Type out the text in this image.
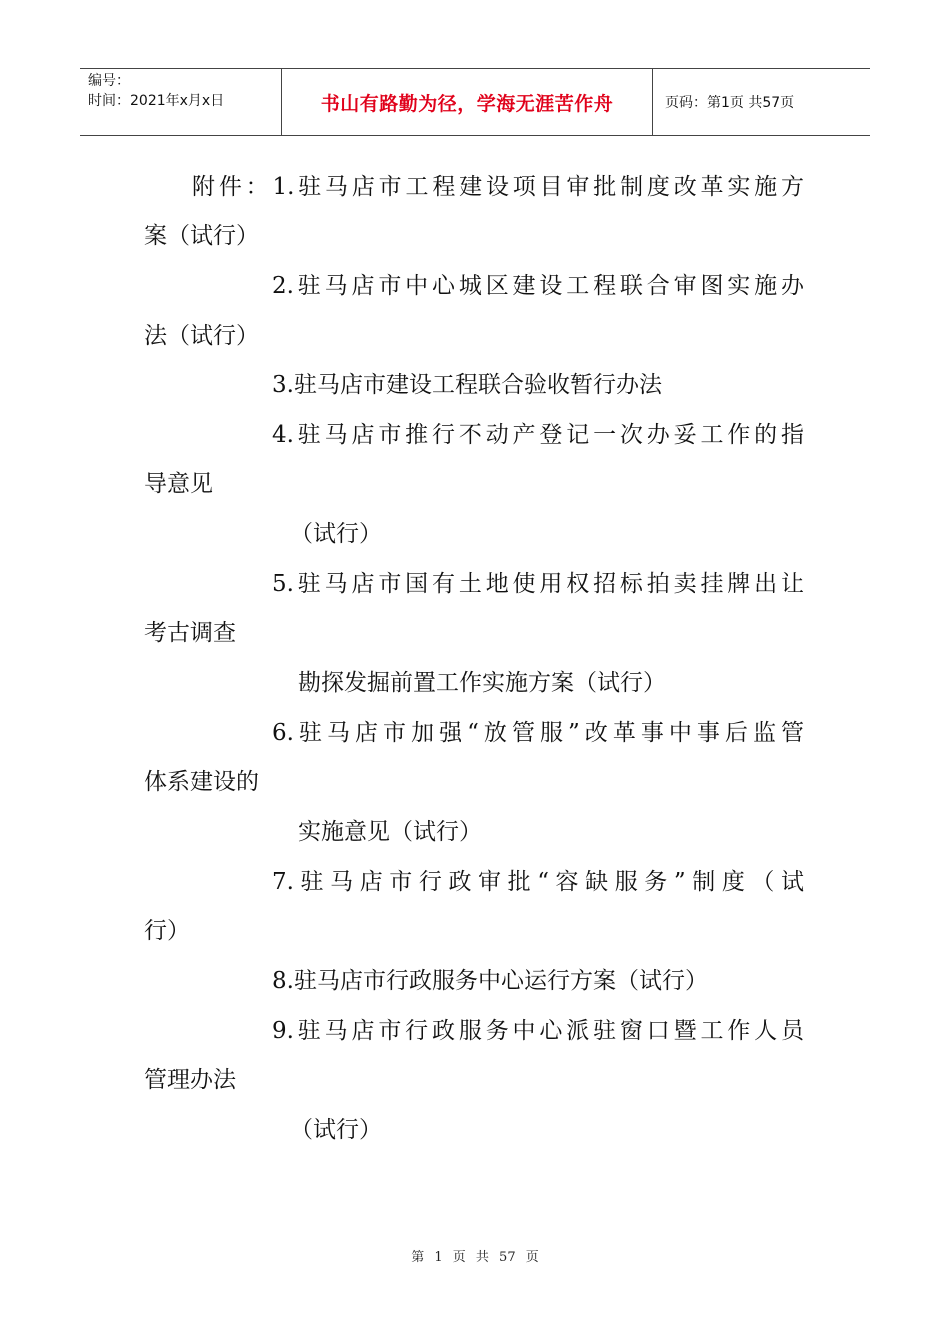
编号：
时间：2021年x月x日	书山有路勤为径，学海无涯苦作舟	页码：第1页 共57页
附件：1.驻马店市工程建设项目审批制度改革实施方
案（试行）
2.驻马店市中心城区建设工程联合审图实施办
法（试行）
3.驻马店市建设工程联合验收暂行办法
4.驻马店市推行不动产登记一次办妥工作的指
导意见
（试行）
5.驻马店市国有土地使用权招标拍卖挂牌出让
考古调查
勘探发掘前置工作实施方案（试行）
6.驻马店市加强“放管服”改革事中事后监管
体系建设的
实施意见（试行）
7.驻马店市行政审批“容缺服务”制度（试
行）
8.驻马店市行政服务中心运行方案（试行）
9.驻马店市行政服务中心派驻窗口暨工作人员
管理办法
（试行）
第 1 页 共 57 页
